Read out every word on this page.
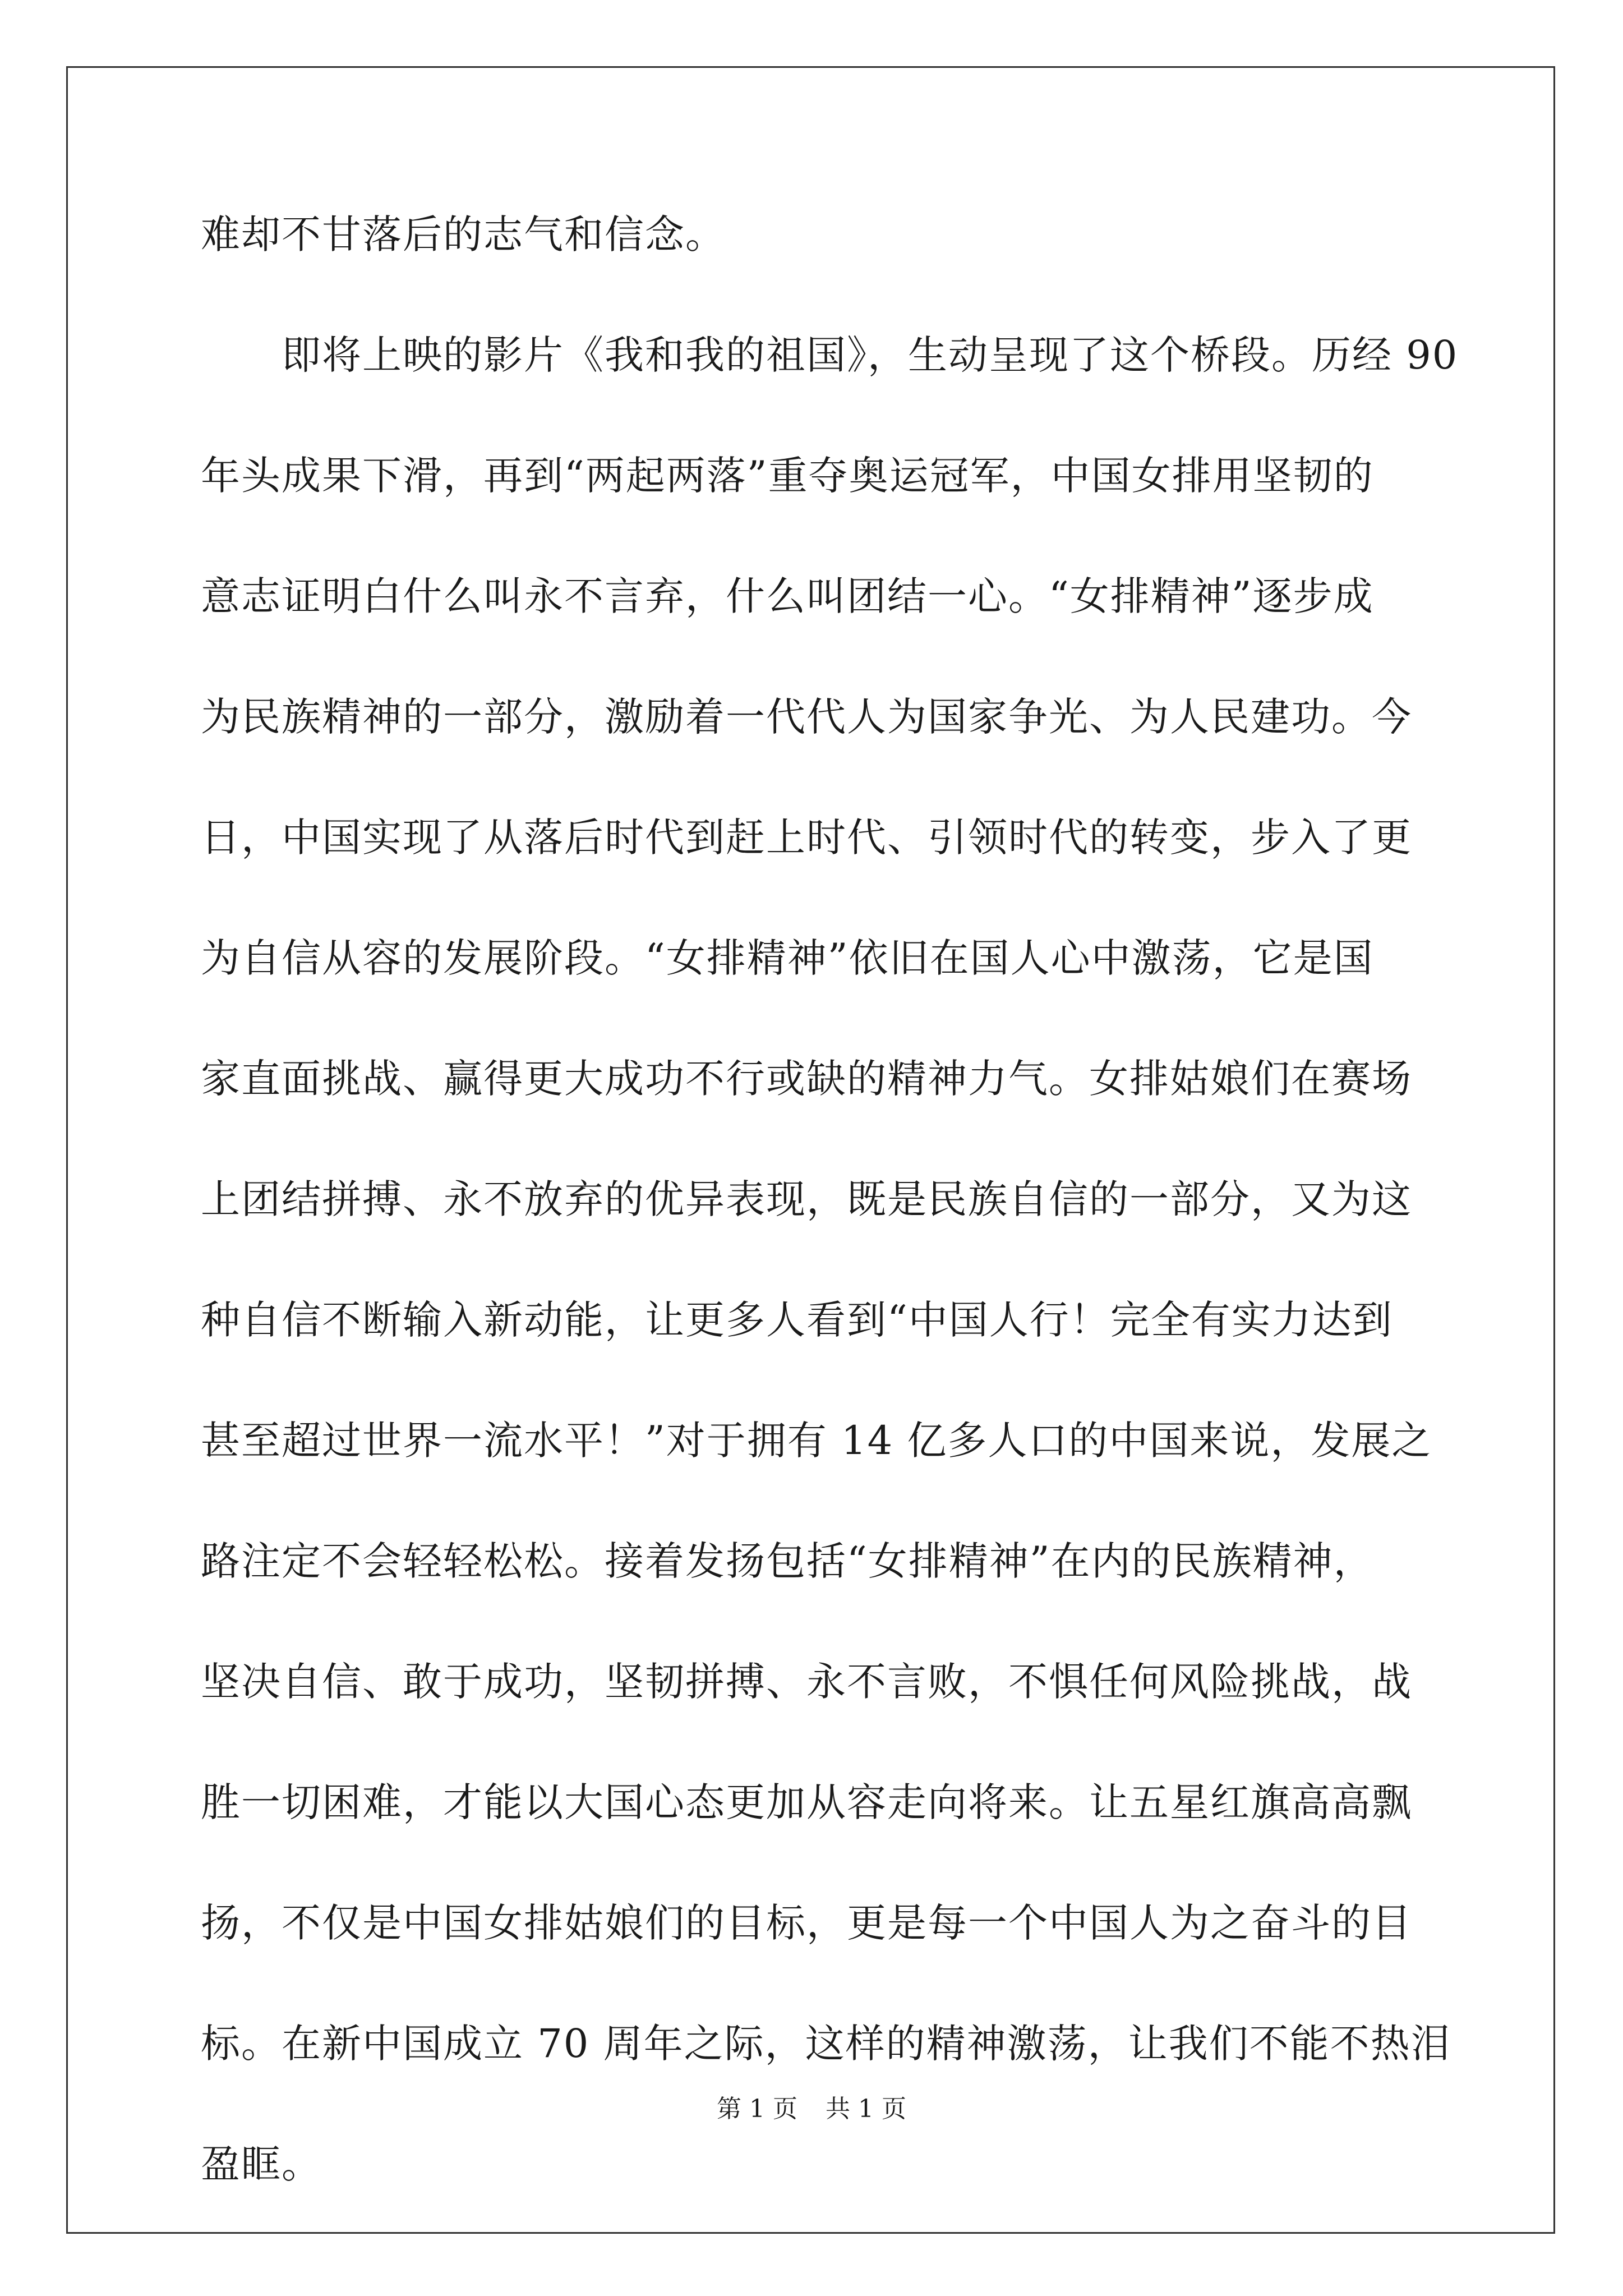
难却不甘落后的志气和信念。
　　即将上映的影片《我和我的祖国》，生动呈现了这个桥段。历经 90
年头成果下滑，再到“两起两落”重夺奥运冠军，中国女排用坚韧的
意志证明白什么叫永不言弃，什么叫团结一心。“女排精神”逐步成
为民族精神的一部分，激励着一代代人为国家争光、为人民建功。今
日，中国实现了从落后时代到赶上时代、引领时代的转变，步入了更
为自信从容的发展阶段。“女排精神”依旧在国人心中激荡，它是国
家直面挑战、赢得更大成功不行或缺的精神力气。女排姑娘们在赛场
上团结拼搏、永不放弃的优异表现，既是民族自信的一部分，又为这
种自信不断输入新动能，让更多人看到“中国人行！完全有实力达到
甚至超过世界一流水平！”对于拥有 14 亿多人口的中国来说，发展之
路注定不会轻轻松松。接着发扬包括“女排精神”在内的民族精神，
坚决自信、敢于成功，坚韧拼搏、永不言败，不惧任何风险挑战，战
胜一切困难，才能以大国心态更加从容走向将来。让五星红旗高高飘
扬，不仅是中国女排姑娘们的目标，更是每一个中国人为之奋斗的目
标。在新中国成立 70 周年之际，这样的精神激荡，让我们不能不热泪
盈眶。
第 1 页 共 1 页
